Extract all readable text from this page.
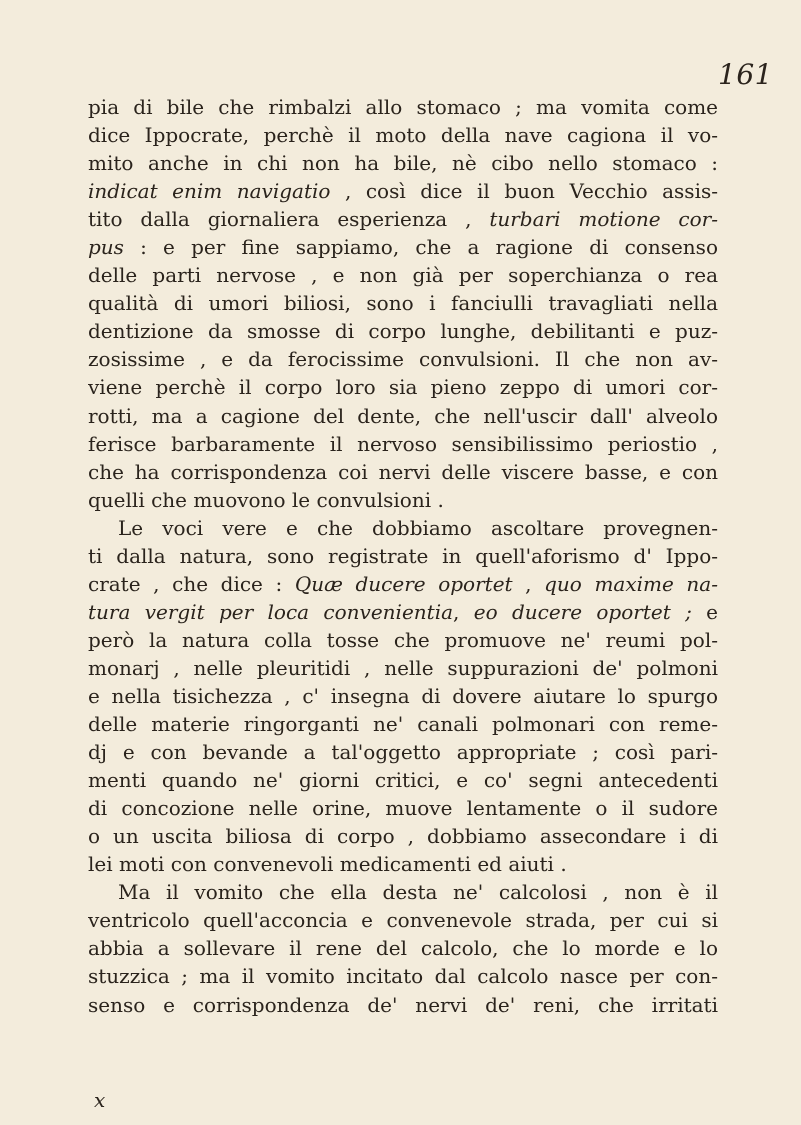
161
pia di bile che rimbalzi allo stomaco ; ma vomita come
dice Ippocrate, perchè il moto della nave cagiona il vo-
mito anche in chi non ha bile, nè cibo nello stomaco :
indicat enim navigatio , così dice il buon Vecchio assis-
tito dalla giornaliera esperienza , turbari motione cor-
pus : e per fine sappiamo, che a ragione di consenso
delle parti nervose , e non già per soperchianza o rea
qualità di umori biliosi, sono i fanciulli travagliati nella
dentizione da smosse di corpo lunghe, debilitanti e puz-
zosissime , e da ferocissime convulsioni. Il che non av-
viene perchè il corpo loro sia pieno zeppo di umori cor-
rotti, ma a cagione del dente, che nell'uscir dall' alveolo
ferisce barbaramente il nervoso sensibilissimo periostio ,
che ha corrispondenza coi nervi delle viscere basse, e con
quelli che muovono le convulsioni .
Le voci vere e che dobbiamo ascoltare provegnen-
ti dalla natura, sono registrate in quell'aforismo d' Ippo-
crate , che dice : Quæ ducere oportet , quo maxime na-
tura vergit per loca convenientia, eo ducere oportet ; e
però la natura colla tosse che promuove ne' reumi pol-
monarj , nelle pleuritidi , nelle suppurazioni de' polmoni
e nella tisichezza , c' insegna di dovere aiutare lo spurgo
delle materie ringorganti ne' canali polmonari con reme-
dj e con bevande a tal'oggetto appropriate ; così pari-
menti quando ne' giorni critici, e co' segni antecedenti
di concozione nelle orine, muove lentamente o il sudore
o un uscita biliosa di corpo , dobbiamo assecondare i di
lei moti con convenevoli medicamenti ed aiuti .
Ma il vomito che ella desta ne' calcolosi , non è il
ventricolo quell'acconcia e convenevole strada, per cui si
abbia a sollevare il rene del calcolo, che lo morde e lo
stuzzica ; ma il vomito incitato dal calcolo nasce per con-
senso e corrispondenza de' nervi de' reni, che irritati
x
